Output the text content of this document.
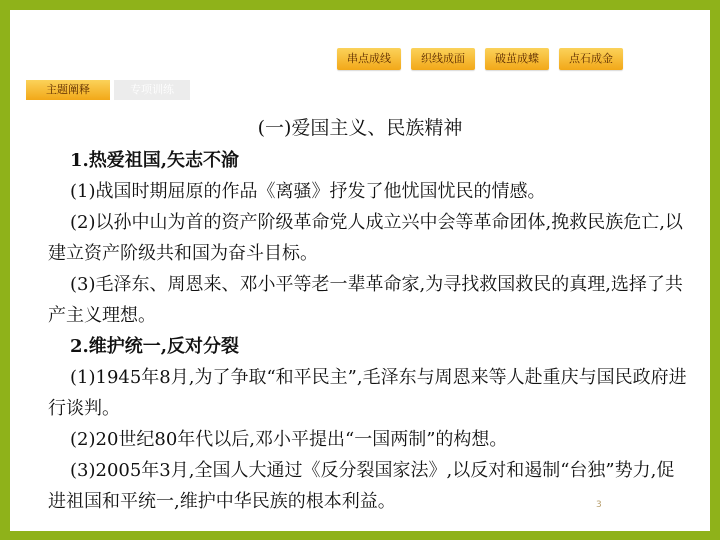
串点成线	织线成面	破茧成蝶	点石成金
主题阐释	专项训练
(一)爱国主义、民族精神

1.热爱祖国,矢志不渝

(1)战国时期屈原的作品《离骚》抒发了他忧国忧民的情感。

(2)以孙中山为首的资产阶级革命党人成立兴中会等革命团体,挽救民族危亡,以建立资产阶级共和国为奋斗目标。

(3)毛泽东、周恩来、邓小平等老一辈革命家,为寻找救国救民的真理,选择了共产主义理想。

2.维护统一,反对分裂

(1)1945年8月,为了争取“和平民主”,毛泽东与周恩来等人赴重庆与国民政府进行谈判。

(2)20世纪80年代以后,邓小平提出“一国两制”的构想。

(3)2005年3月,全国人大通过《反分裂国家法》,以反对和遏制“台独”势力,促进祖国和平统一,维护中华民族的根本利益。	3
